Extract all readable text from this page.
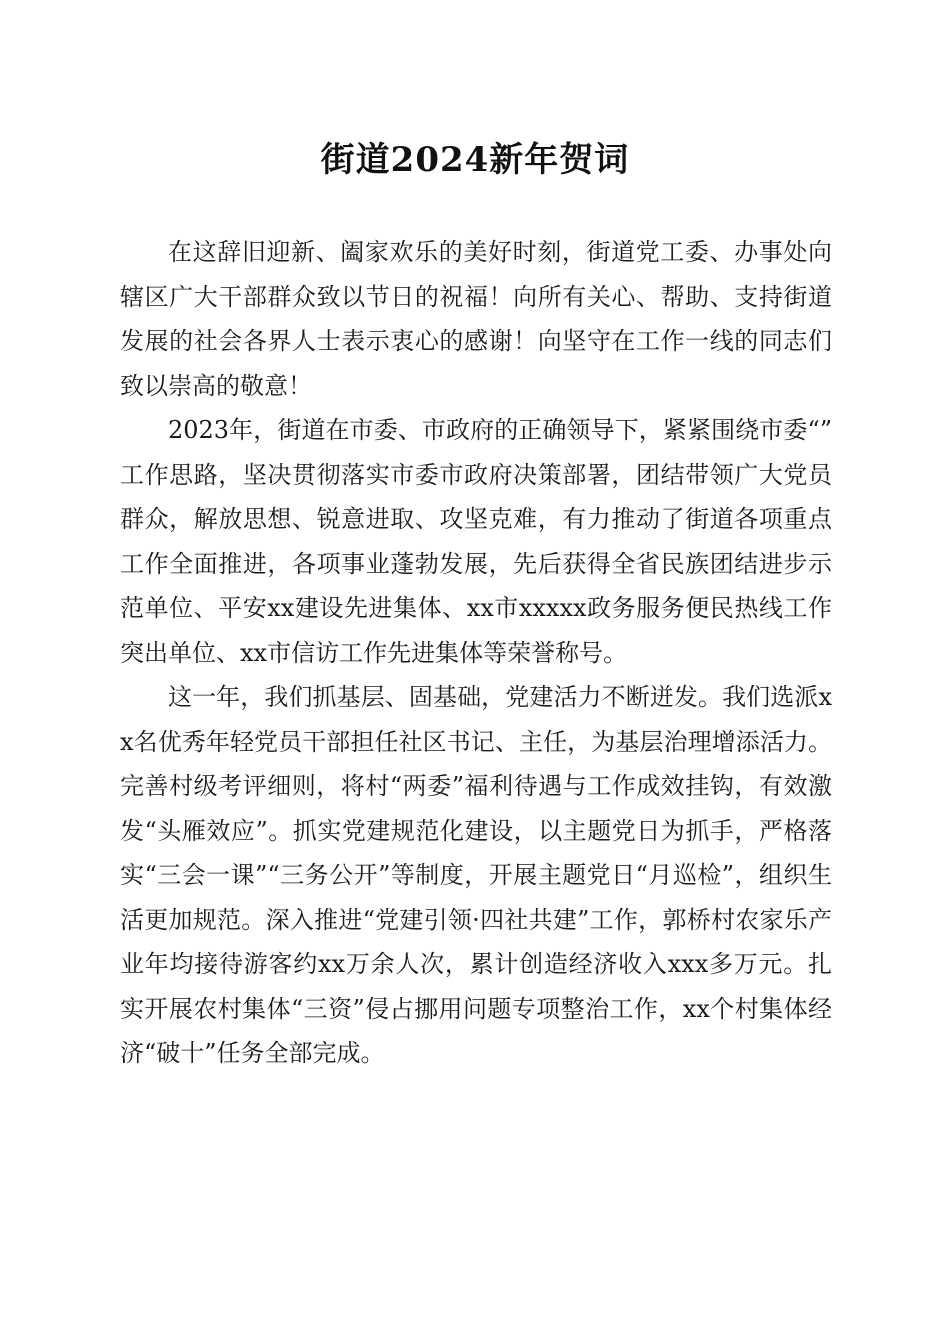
街道2024新年贺词

在这辞旧迎新、阖家欢乐的美好时刻，街道党工委、办事处向辖区广大干部群众致以节日的祝福！向所有关心、帮助、支持街道发展的社会各界人士表示衷心的感谢！向坚守在工作一线的同志们致以崇高的敬意！

2023年，街道在市委、市政府的正确领导下，紧紧围绕市委“”工作思路，坚决贯彻落实市委市政府决策部署，团结带领广大党员群众，解放思想、锐意进取、攻坚克难，有力推动了街道各项重点工作全面推进，各项事业蓬勃发展，先后获得全省民族团结进步示范单位、平安xx建设先进集体、xx市xxxxx政务服务便民热线工作突出单位、xx市信访工作先进集体等荣誉称号。

这一年，我们抓基层、固基础，党建活力不断迸发。我们选派xx名优秀年轻党员干部担任社区书记、主任，为基层治理增添活力。完善村级考评细则，将村“两委”福利待遇与工作成效挂钩，有效激发“头雁效应”。抓实党建规范化建设，以主题党日为抓手，严格落实“三会一课”“三务公开”等制度，开展主题党日“月巡检”，组织生活更加规范。深入推进“党建引领·四社共建”工作，郭桥村农家乐产业年均接待游客约xx万余人次，累计创造经济收入xxx多万元。扎实开展农村集体“三资”侵占挪用问题专项整治工作，xx个村集体经济“破十”任务全部完成。
